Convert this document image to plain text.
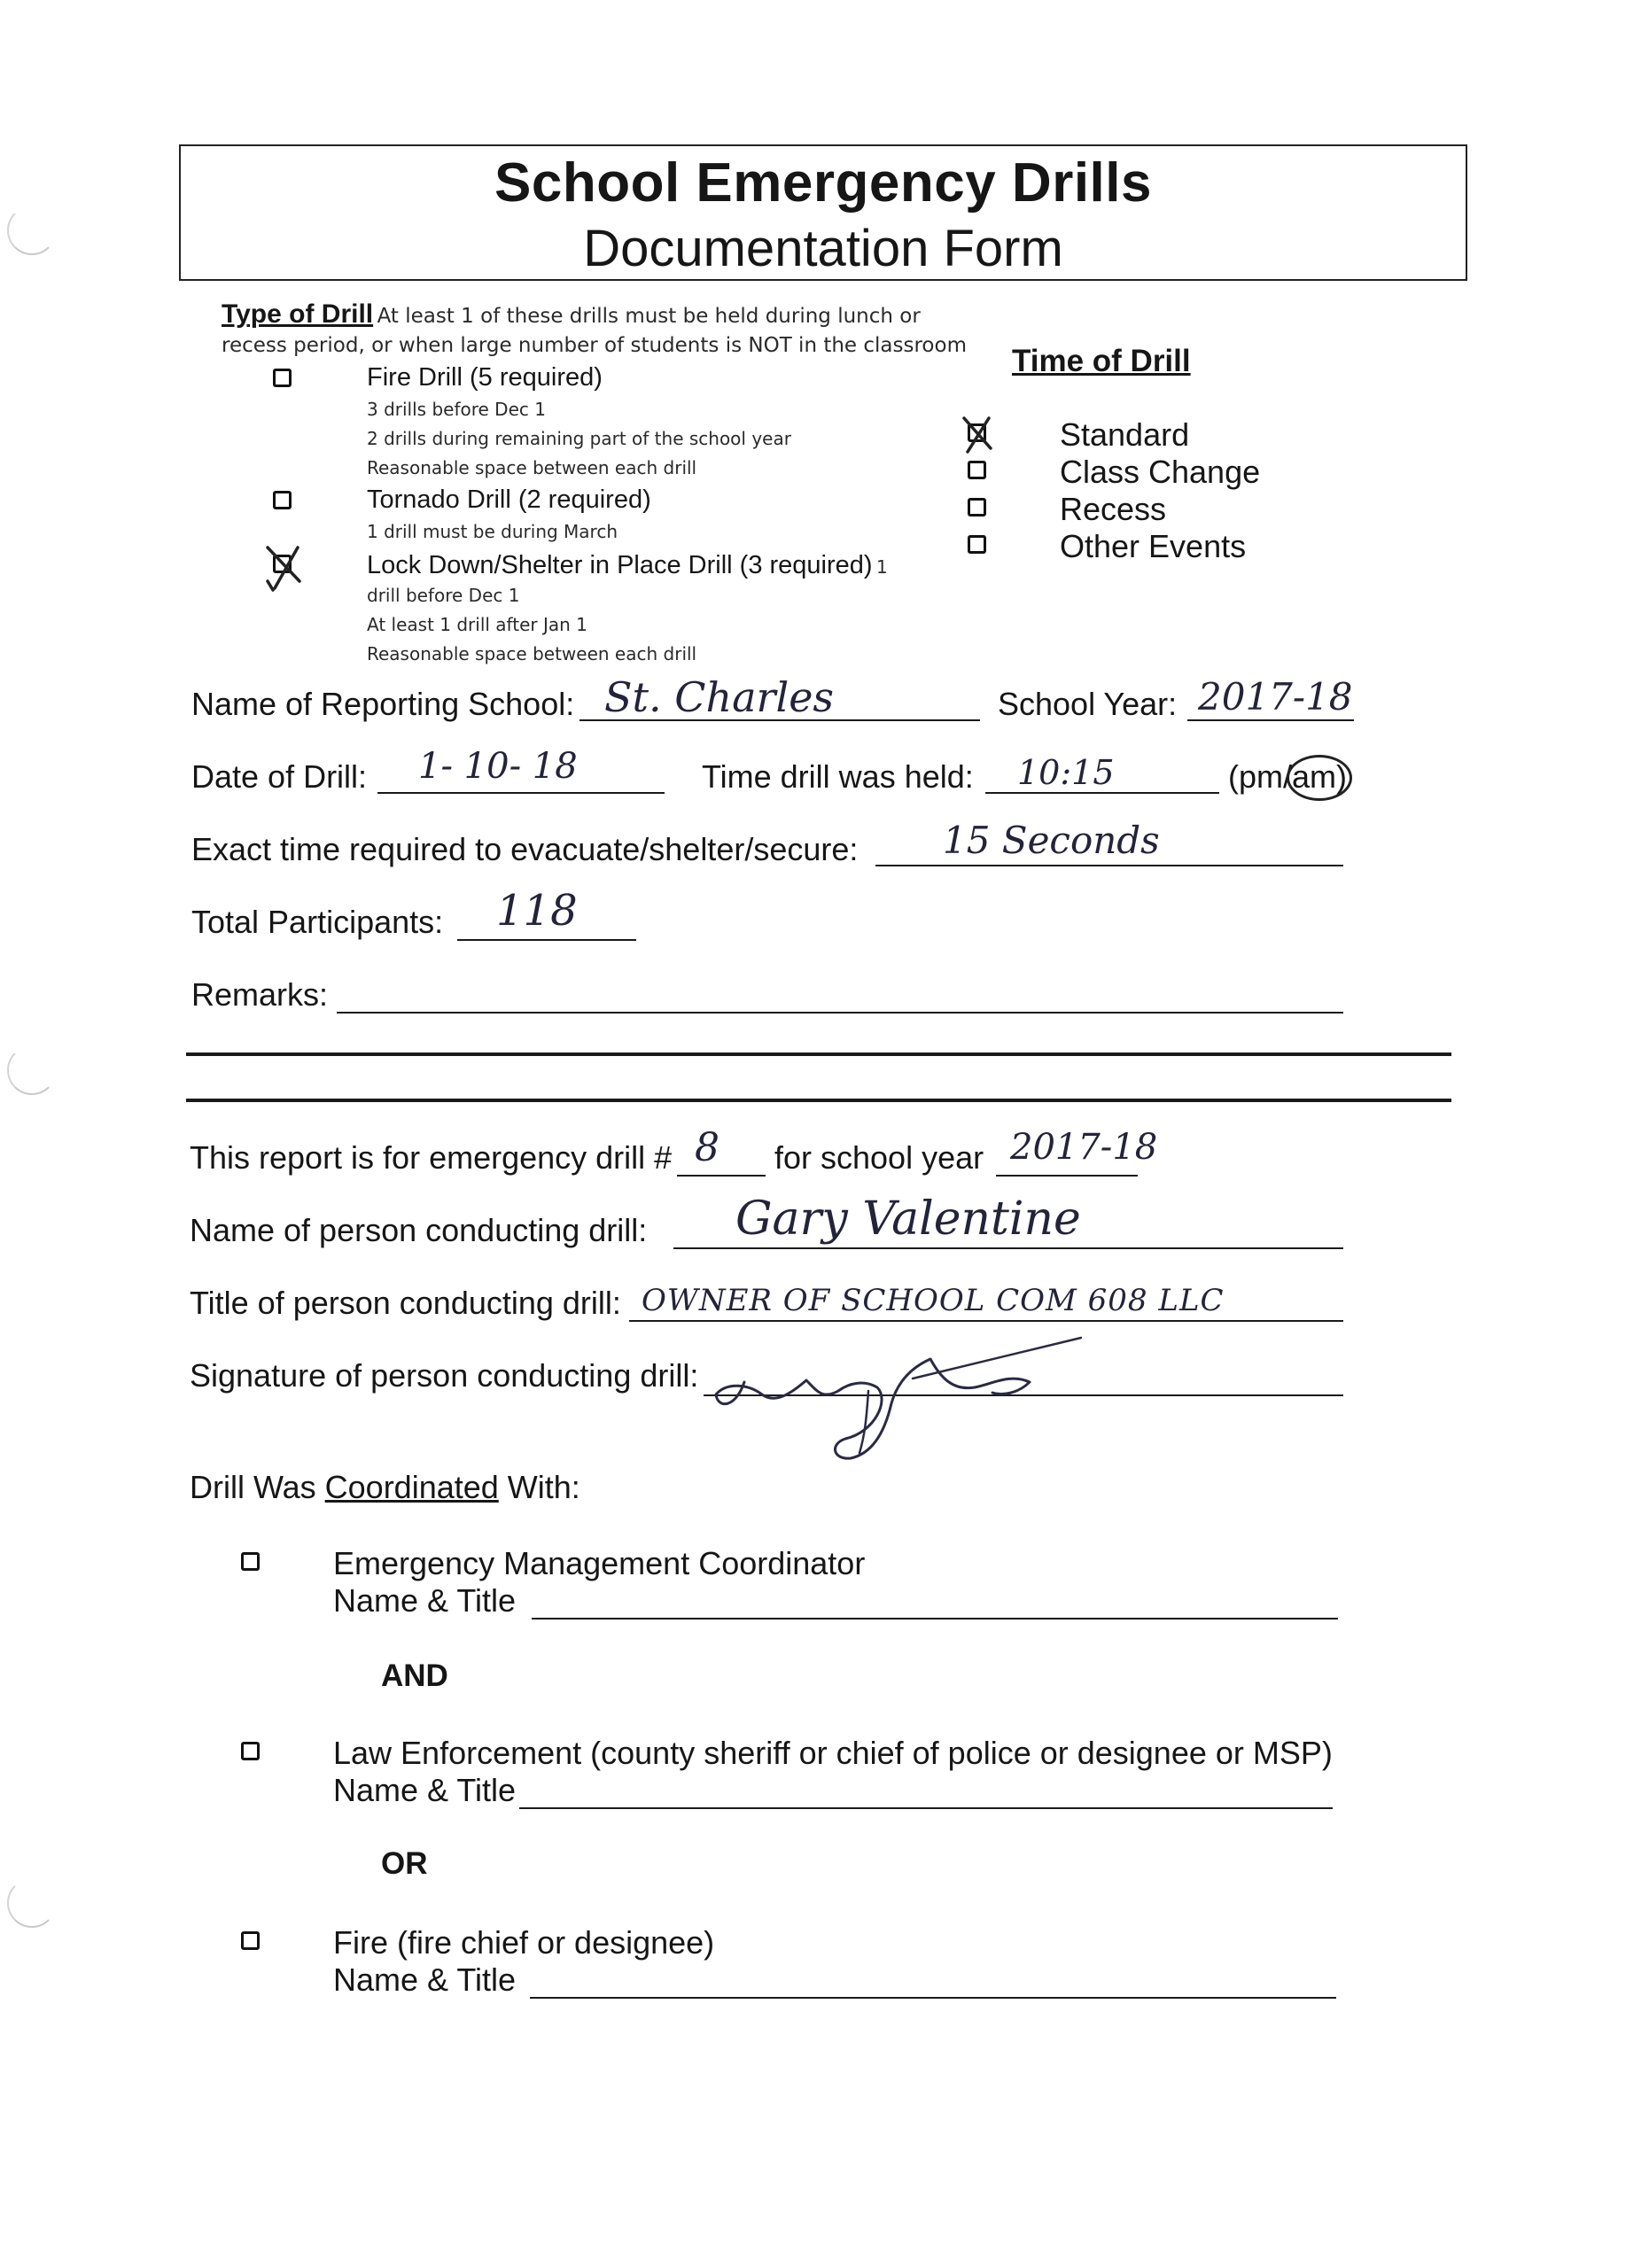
School Emergency Drills
Documentation Form
Type of Drill At least 1 of these drills must be held during lunch or
recess period, or when large number of students is NOT in the classroom
Fire Drill (5 required)
3 drills before Dec 1
2 drills during remaining part of the school year
Reasonable space between each drill
Tornado Drill (2 required)
1 drill must be during March
Lock Down/Shelter in Place Drill (3 required) 1
drill before Dec 1
At least 1 drill after Jan 1
Reasonable space between each drill
Time of Drill
Standard
Class Change
Recess
Other Events
Name of Reporting School: St. Charles	School Year: 2017-18
Date of Drill: 1- 10- 18	Time drill was held: 10:15	(pm/am)
Exact time required to evacuate/shelter/secure: 15 Seconds
Total Participants: 118
Remarks:
This report is for emergency drill # 8 for school year 2017-18
Name of person conducting drill: Gary Valentine
Title of person conducting drill: OWNER OF SCHOOL COM 608 LLC
Signature of person conducting drill:
Drill Was Coordinated With:
Emergency Management Coordinator
Name & Title
AND
Law Enforcement (county sheriff or chief of police or designee or MSP)
Name & Title
OR
Fire (fire chief or designee)
Name & Title
